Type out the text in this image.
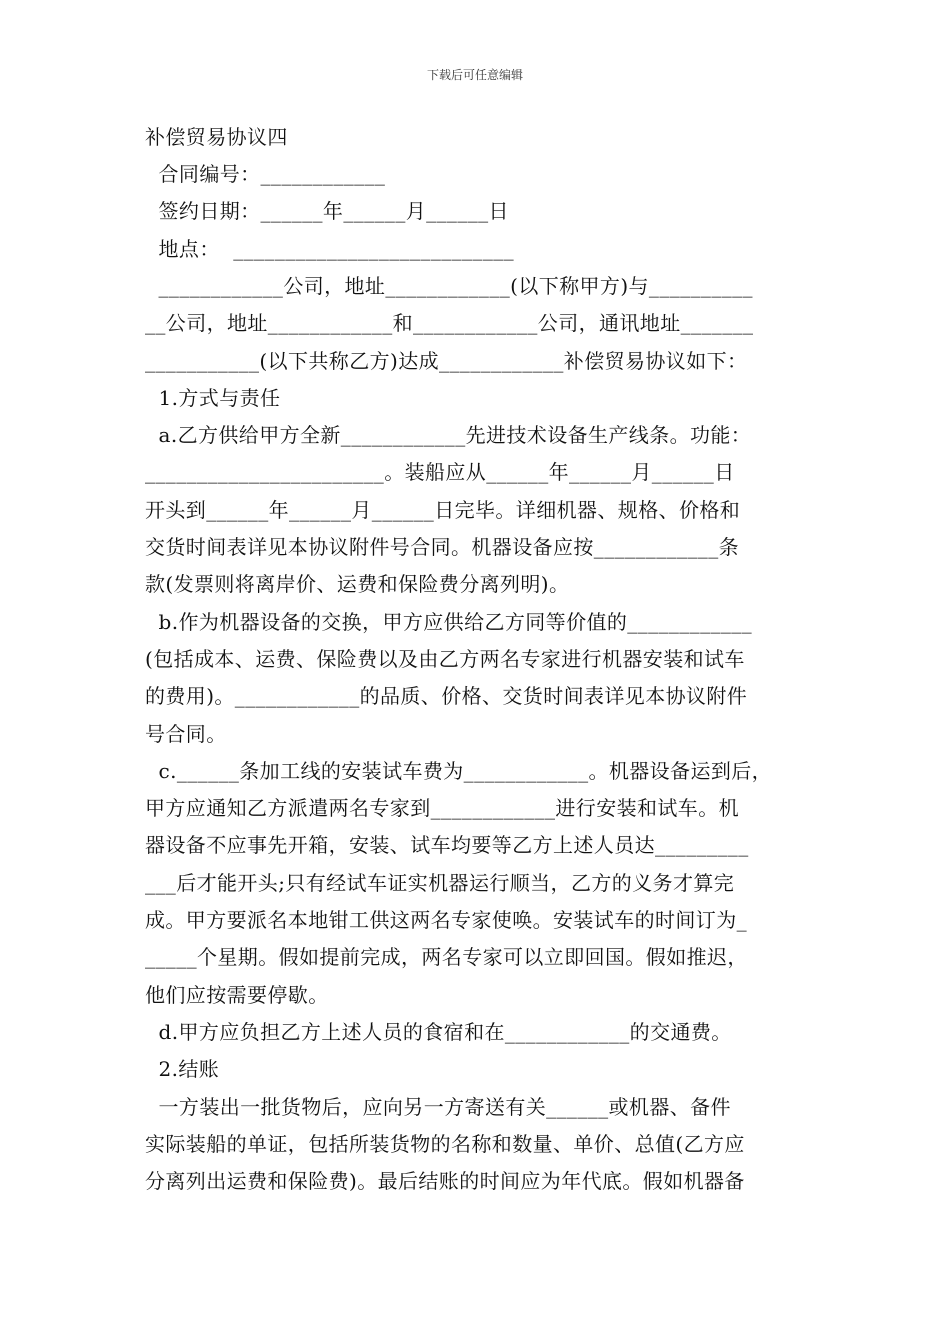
下载后可任意编辑
补偿贸易协议四
合同编号：____________
签约日期：______年______月______日
地点：  ___________________________
____________公司，地址____________(以下称甲方)与__________
__公司，地址____________和____________公司，通讯地址_______
___________(以下共称乙方)达成____________补偿贸易协议如下：
1.方式与责任
a.乙方供给甲方全新____________先进技术设备生产线条。功能：
_______________________。装船应从______年______月______日
开头到______年______月______日完毕。详细机器、规格、价格和
交货时间表详见本协议附件号合同。机器设备应按____________条
款(发票则将离岸价、运费和保险费分离列明)。
b.作为机器设备的交换，甲方应供给乙方同等价值的____________
(包括成本、运费、保险费以及由乙方两名专家进行机器安装和试车
的费用)。____________的品质、价格、交货时间表详见本协议附件
号合同。
c.______条加工线的安装试车费为____________。机器设备运到后，
甲方应通知乙方派遣两名专家到____________进行安装和试车。机
器设备不应事先开箱，安装、试车均要等乙方上述人员达_________
___后才能开头;只有经试车证实机器运行顺当，乙方的义务才算完
成。甲方要派名本地钳工供这两名专家使唤。安装试车的时间订为_
_____个星期。假如提前完成，两名专家可以立即回国。假如推迟，
他们应按需要停歇。
d.甲方应负担乙方上述人员的食宿和在____________的交通费。
2.结账
一方装出一批货物后，应向另一方寄送有关______或机器、备件
实际装船的单证，包括所装货物的名称和数量、单价、总值(乙方应
分离列出运费和保险费)。最后结账的时间应为年代底。假如机器备
